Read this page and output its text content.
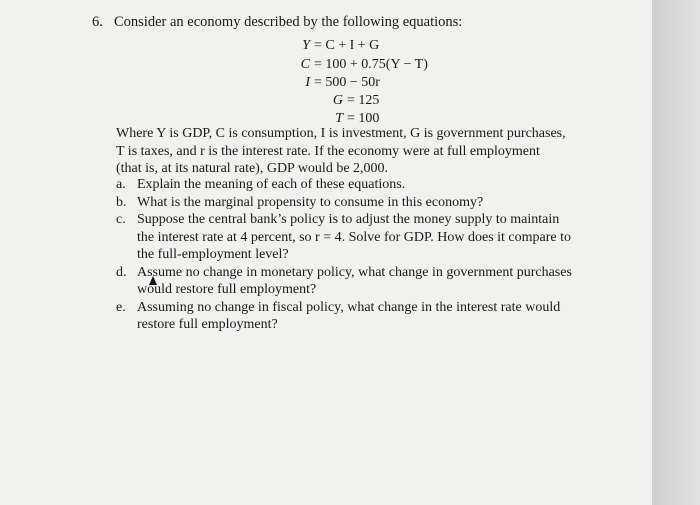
6. Consider an economy described by the following equations:
Y = C + I + G
C = 100 + 0.75(Y − T)
I = 500 − 50r
G = 125
T = 100
Where Y is GDP, C is consumption, I is investment, G is government purchases, T is taxes, and r is the interest rate. If the economy were at full employment (that is, at its natural rate), GDP would be 2,000.
a. Explain the meaning of each of these equations.
b. What is the marginal propensity to consume in this economy?
c. Suppose the central bank’s policy is to adjust the money supply to maintain the interest rate at 4 percent, so r = 4. Solve for GDP. How does it compare to the full-employment level?
d. Assume no change in monetary policy, what change in government purchases would restore full employment?
e. Assuming no change in fiscal policy, what change in the interest rate would restore full employment?
